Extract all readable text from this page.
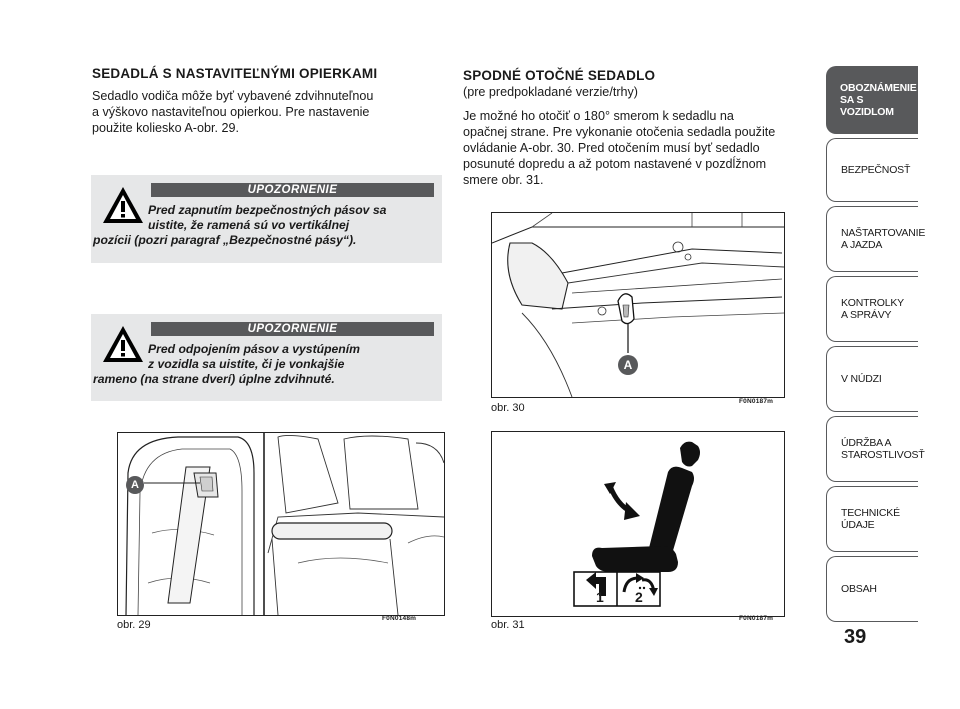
SEDADLÁ S NASTAVITEĽNÝMI OPIERKAMI
Sedadlo vodiča môže byť vybavené zdvihnuteľnou
a výškovo nastaviteľnou opierkou. Pre nastavenie
použite koliesko A-obr. 29.
UPOZORNENIE
Pred zapnutím bezpečnostných pásov sa
uistite, že ramená sú vo vertikálnej
pozícii (pozri paragraf „Bezpečnostné pásy“).
UPOZORNENIE
Pred odpojením pásov a vystúpením
z vozidla sa uistite, či je vonkajšie
rameno (na strane dverí) úplne zdvihnuté.
A
obr. 29
F0N0148m
SPODNÉ OTOČNÉ SEDADLO
(pre predpokladané verzie/trhy)
Je možné ho otočiť o 180° smerom k sedadlu na
opačnej strane. Pre vykonanie otočenia sedadla použite
ovládanie A-obr. 30. Pred otočením musí byť sedadlo
posunuté dopredu a až potom nastavené v pozdĺžnom
smere obr. 31.
A
obr. 30
F0N0187m
1 2
obr. 31
F0N0187m
OBOZNÁMENIE
SA S VOZIDLOM
BEZPEČNOSŤ
NAŠTARTOVANIE
A JAZDA
KONTROLKY
A SPRÁVY
V NÚDZI
ÚDRŽBA A
STAROSTLIVOSŤ
TECHNICKÉ
ÚDAJE
OBSAH
39
